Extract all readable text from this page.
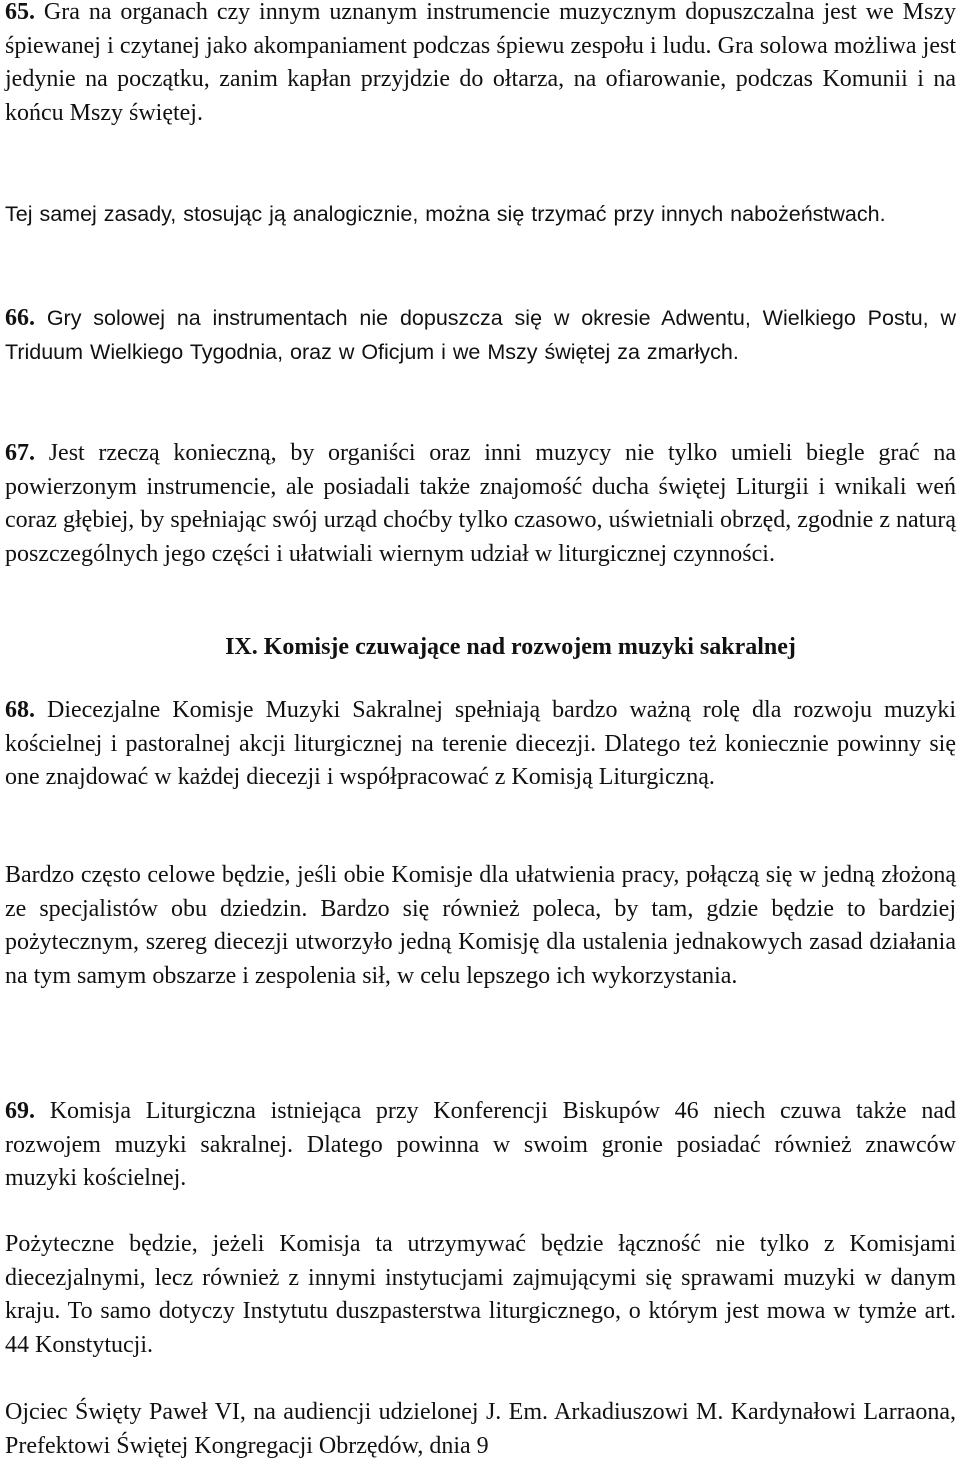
65. Gra na organach czy innym uznanym instrumencie muzycznym dopuszczalna jest we Mszy śpiewanej i czytanej jako akompaniament podczas śpiewu zespołu i ludu. Gra solowa możliwa jest jedynie na początku, zanim kapłan przyjdzie do ołtarza, na ofiarowanie, podczas Komunii i na końcu Mszy świętej.

Tej samej zasady, stosując ją analogicznie, można się trzymać przy innych nabożeństwach.

66. Gry solowej na instrumentach nie dopuszcza się w okresie Adwentu, Wielkiego Postu, w Triduum Wielkiego Tygodnia, oraz w Oficjum i we Mszy świętej za zmarłych.

67. Jest rzeczą konieczną, by organiści oraz inni muzycy nie tylko umieli biegle grać na powierzonym instrumencie, ale posiadali także znajomość ducha świętej Liturgii i wnikali weń coraz głębiej, by spełniając swój urząd choćby tylko czasowo, uświetniali obrzęd, zgodnie z naturą poszczególnych jego części i ułatwiali wiernym udział w liturgicznej czynności.

IX. Komisje czuwające nad rozwojem muzyki sakralnej

68. Diecezjalne Komisje Muzyki Sakralnej spełniają bardzo ważną rolę dla rozwoju muzyki kościelnej i pastoralnej akcji liturgicznej na terenie diecezji. Dlatego też koniecznie powinny się one znajdować w każdej diecezji i współpracować z Komisją Liturgiczną.

Bardzo często celowe będzie, jeśli obie Komisje dla ułatwienia pracy, połączą się w jedną złożoną ze specjalistów obu dziedzin. Bardzo się również poleca, by tam, gdzie będzie to bardziej pożytecznym, szereg diecezji utworzyło jedną Komisję dla ustalenia jednakowych zasad działania na tym samym obszarze i zespolenia sił, w celu lepszego ich wykorzystania.

69. Komisja Liturgiczna istniejąca przy Konferencji Biskupów 46 niech czuwa także nad rozwojem muzyki sakralnej. Dlatego powinna w swoim gronie posiadać również znawców muzyki kościelnej.

Pożyteczne będzie, jeżeli Komisja ta utrzymywać będzie łączność nie tylko z Komisjami diecezjalnymi, lecz również z innymi instytucjami zajmującymi się sprawami muzyki w danym kraju. To samo dotyczy Instytutu duszpasterstwa liturgicznego, o którym jest mowa w tymże art. 44 Konstytucji.

Ojciec Święty Paweł VI, na audiencji udzielonej J. Em. Arkadiuszowi M. Kardynałowi Larraona, Prefektowi Świętej Kongregacji Obrzędów, dnia 9
